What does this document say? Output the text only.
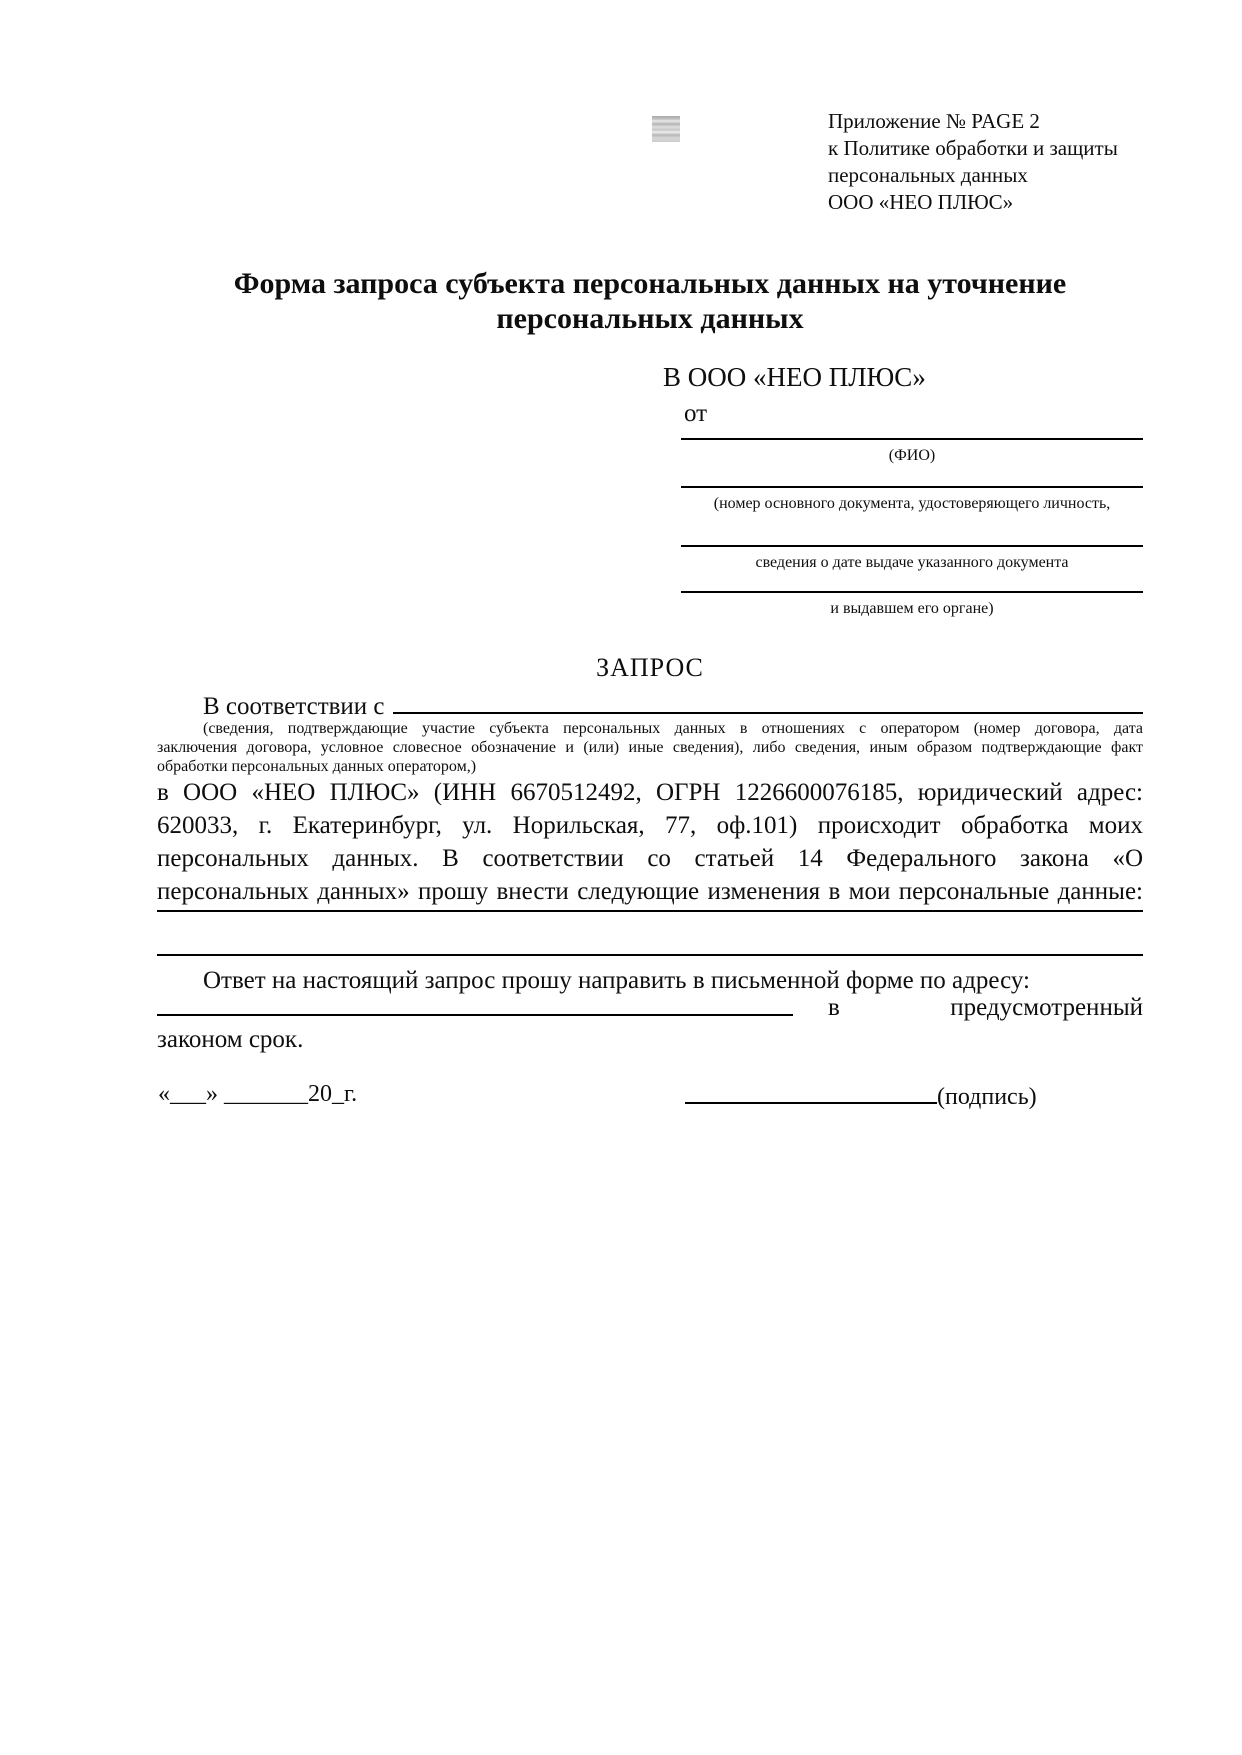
Приложение № PAGE 2
к Политике обработки и защиты
персональных данных
ООО «НЕО ПЛЮС»
Форма запроса субъекта персональных данных на уточнение
персональных данных
В ООО «НЕО ПЛЮС»
от
(ФИО)
(номер основного документа, удостоверяющего личность,
сведения о дате выдаче указанного документа
и выдавшем его органе)
ЗАПРОС
В соответствии с
(сведения, подтверждающие участие субъекта персональных данных в отношениях с оператором (номер договора, дата
заключения договора, условное словесное обозначение и (или) иные сведения), либо сведения, иным образом подтверждающие факт
обработки персональных данных оператором,)
в ООО «НЕО ПЛЮС» (ИНН 6670512492, ОГРН 1226600076185, юридический адрес:
620033, г. Екатеринбург, ул. Норильская, 77, оф.101) происходит обработка моих
персональных данных. В соответствии со статьей 14 Федерального закона «О
персональных данных» прошу внести следующие изменения в мои персональные данные:
Ответ на настоящий запрос прошу направить в письменной форме по адресу:
в	предусмотренный
законом срок.
«___» _______20_г.	(подпись)
